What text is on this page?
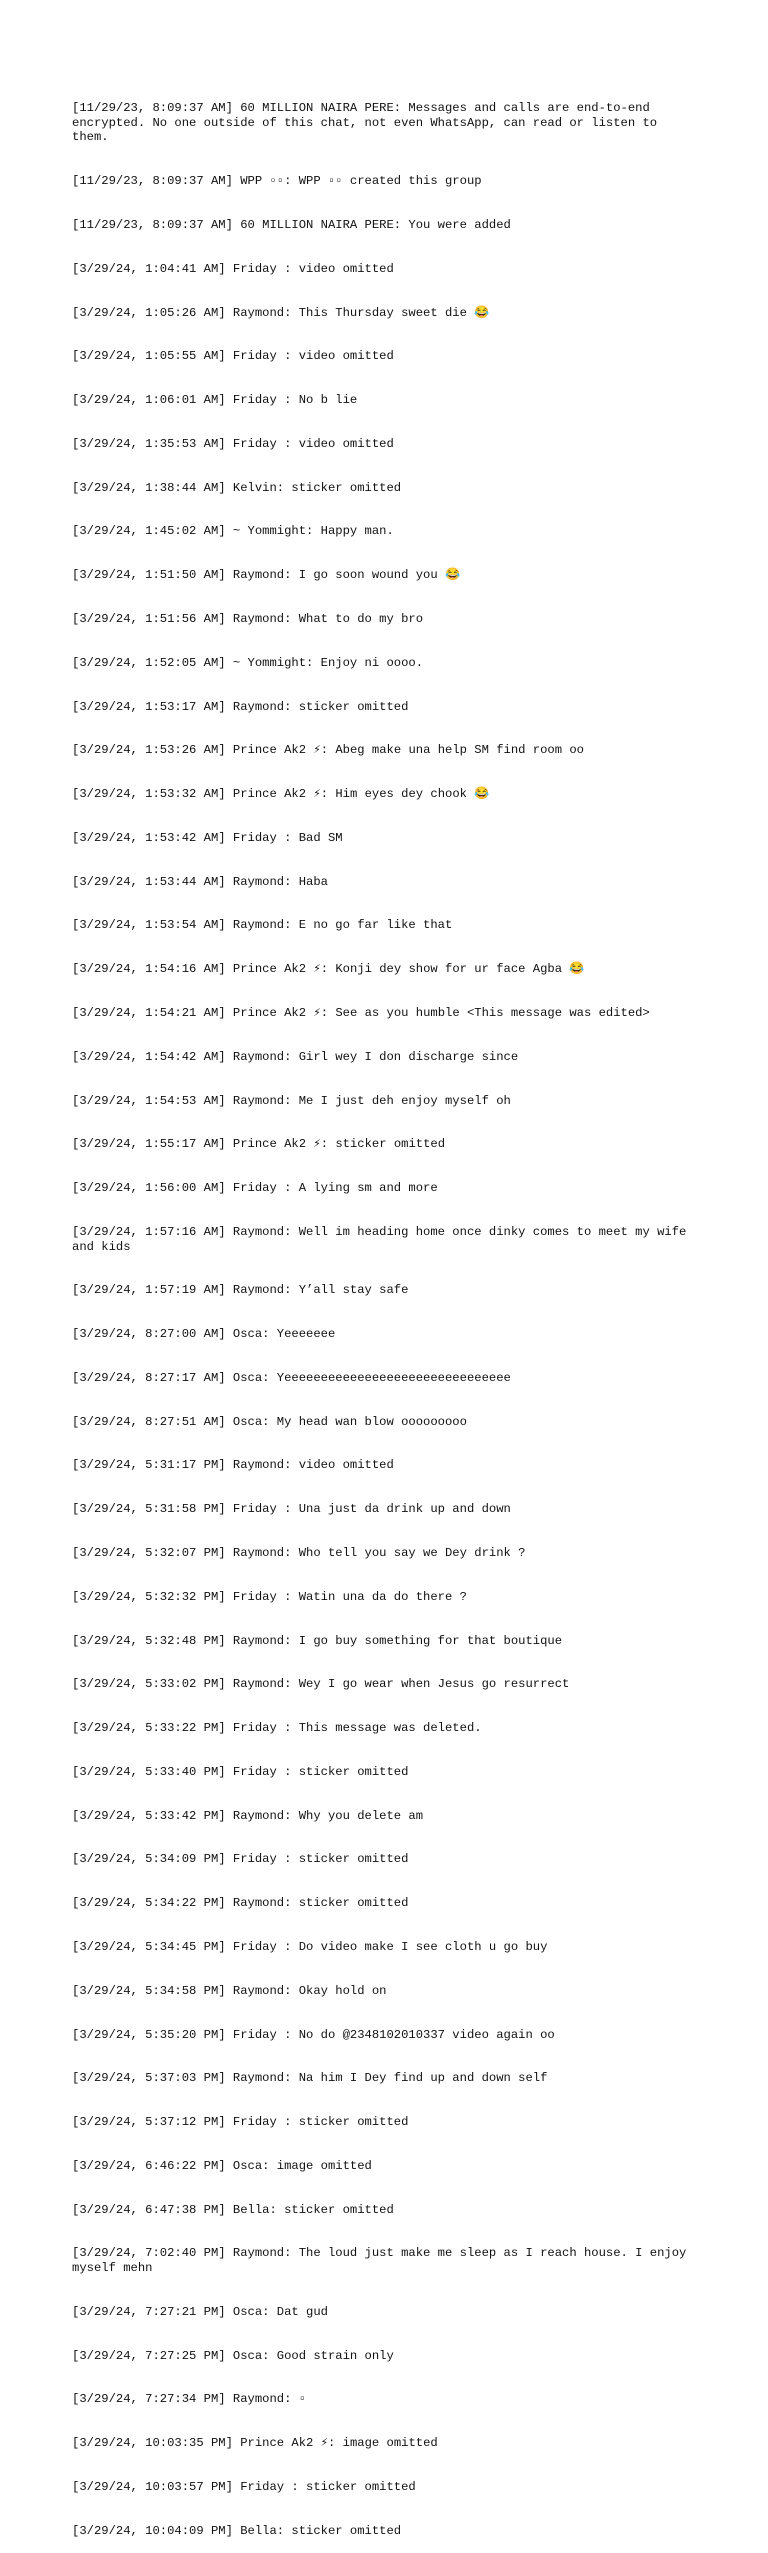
[11/29/23, 8:09:37 AM] 60 MILLION NAIRA PERE: Messages and calls are end-to-end encrypted. No one outside of this chat, not even WhatsApp, can read or listen to them.

[11/29/23, 8:09:37 AM] WPP ▫▫: WPP ▫▫ created this group

[11/29/23, 8:09:37 AM] 60 MILLION NAIRA PERE: You were added

[3/29/24, 1:04:41 AM] Friday : video omitted

[3/29/24, 1:05:26 AM] Raymond: This Thursday sweet die 😂

[3/29/24, 1:05:55 AM] Friday : video omitted

[3/29/24, 1:06:01 AM] Friday : No b lie

[3/29/24, 1:35:53 AM] Friday : video omitted

[3/29/24, 1:38:44 AM] Kelvin: sticker omitted

[3/29/24, 1:45:02 AM] ~ Yommight: Happy man.

[3/29/24, 1:51:50 AM] Raymond: I go soon wound you 😂

[3/29/24, 1:51:56 AM] Raymond: What to do my bro

[3/29/24, 1:52:05 AM] ~ Yommight: Enjoy ni oooo.

[3/29/24, 1:53:17 AM] Raymond: sticker omitted

[3/29/24, 1:53:26 AM] Prince Ak2 ⚡: Abeg make una help SM find room oo

[3/29/24, 1:53:32 AM] Prince Ak2 ⚡: Him eyes dey chook 😂

[3/29/24, 1:53:42 AM] Friday : Bad SM

[3/29/24, 1:53:44 AM] Raymond: Haba

[3/29/24, 1:53:54 AM] Raymond: E no go far like that

[3/29/24, 1:54:16 AM] Prince Ak2 ⚡: Konji dey show for ur face Agba 😂

[3/29/24, 1:54:21 AM] Prince Ak2 ⚡: See as you humble <This message was edited>

[3/29/24, 1:54:42 AM] Raymond: Girl wey I don discharge since

[3/29/24, 1:54:53 AM] Raymond: Me I just deh enjoy myself oh

[3/29/24, 1:55:17 AM] Prince Ak2 ⚡: sticker omitted

[3/29/24, 1:56:00 AM] Friday : A lying sm and more

[3/29/24, 1:57:16 AM] Raymond: Well im heading home once dinky comes to meet my wife and kids

[3/29/24, 1:57:19 AM] Raymond: Y’all stay safe

[3/29/24, 8:27:00 AM] Osca: Yeeeeeee

[3/29/24, 8:27:17 AM] Osca: Yeeeeeeeeeeeeeeeeeeeeeeeeeeeeeee

[3/29/24, 8:27:51 AM] Osca: My head wan blow ooooooooo

[3/29/24, 5:31:17 PM] Raymond: video omitted

[3/29/24, 5:31:58 PM] Friday : Una just da drink up and down

[3/29/24, 5:32:07 PM] Raymond: Who tell you say we Dey drink ?

[3/29/24, 5:32:32 PM] Friday : Watin una da do there ?

[3/29/24, 5:32:48 PM] Raymond: I go buy something for that boutique

[3/29/24, 5:33:02 PM] Raymond: Wey I go wear when Jesus go resurrect

[3/29/24, 5:33:22 PM] Friday : This message was deleted.

[3/29/24, 5:33:40 PM] Friday : sticker omitted

[3/29/24, 5:33:42 PM] Raymond: Why you delete am

[3/29/24, 5:34:09 PM] Friday : sticker omitted

[3/29/24, 5:34:22 PM] Raymond: sticker omitted

[3/29/24, 5:34:45 PM] Friday : Do video make I see cloth u go buy

[3/29/24, 5:34:58 PM] Raymond: Okay hold on

[3/29/24, 5:35:20 PM] Friday : No do @2348102010337 video again oo

[3/29/24, 5:37:03 PM] Raymond: Na him I Dey find up and down self

[3/29/24, 5:37:12 PM] Friday : sticker omitted

[3/29/24, 6:46:22 PM] Osca: image omitted

[3/29/24, 6:47:38 PM] Bella: sticker omitted

[3/29/24, 7:02:40 PM] Raymond: The loud just make me sleep as I reach house. I enjoy myself mehn

[3/29/24, 7:27:21 PM] Osca: Dat gud

[3/29/24, 7:27:25 PM] Osca: Good strain only

[3/29/24, 7:27:34 PM] Raymond: ▫

[3/29/24, 10:03:35 PM] Prince Ak2 ⚡: image omitted

[3/29/24, 10:03:57 PM] Friday : sticker omitted

[3/29/24, 10:04:09 PM] Bella: sticker omitted
